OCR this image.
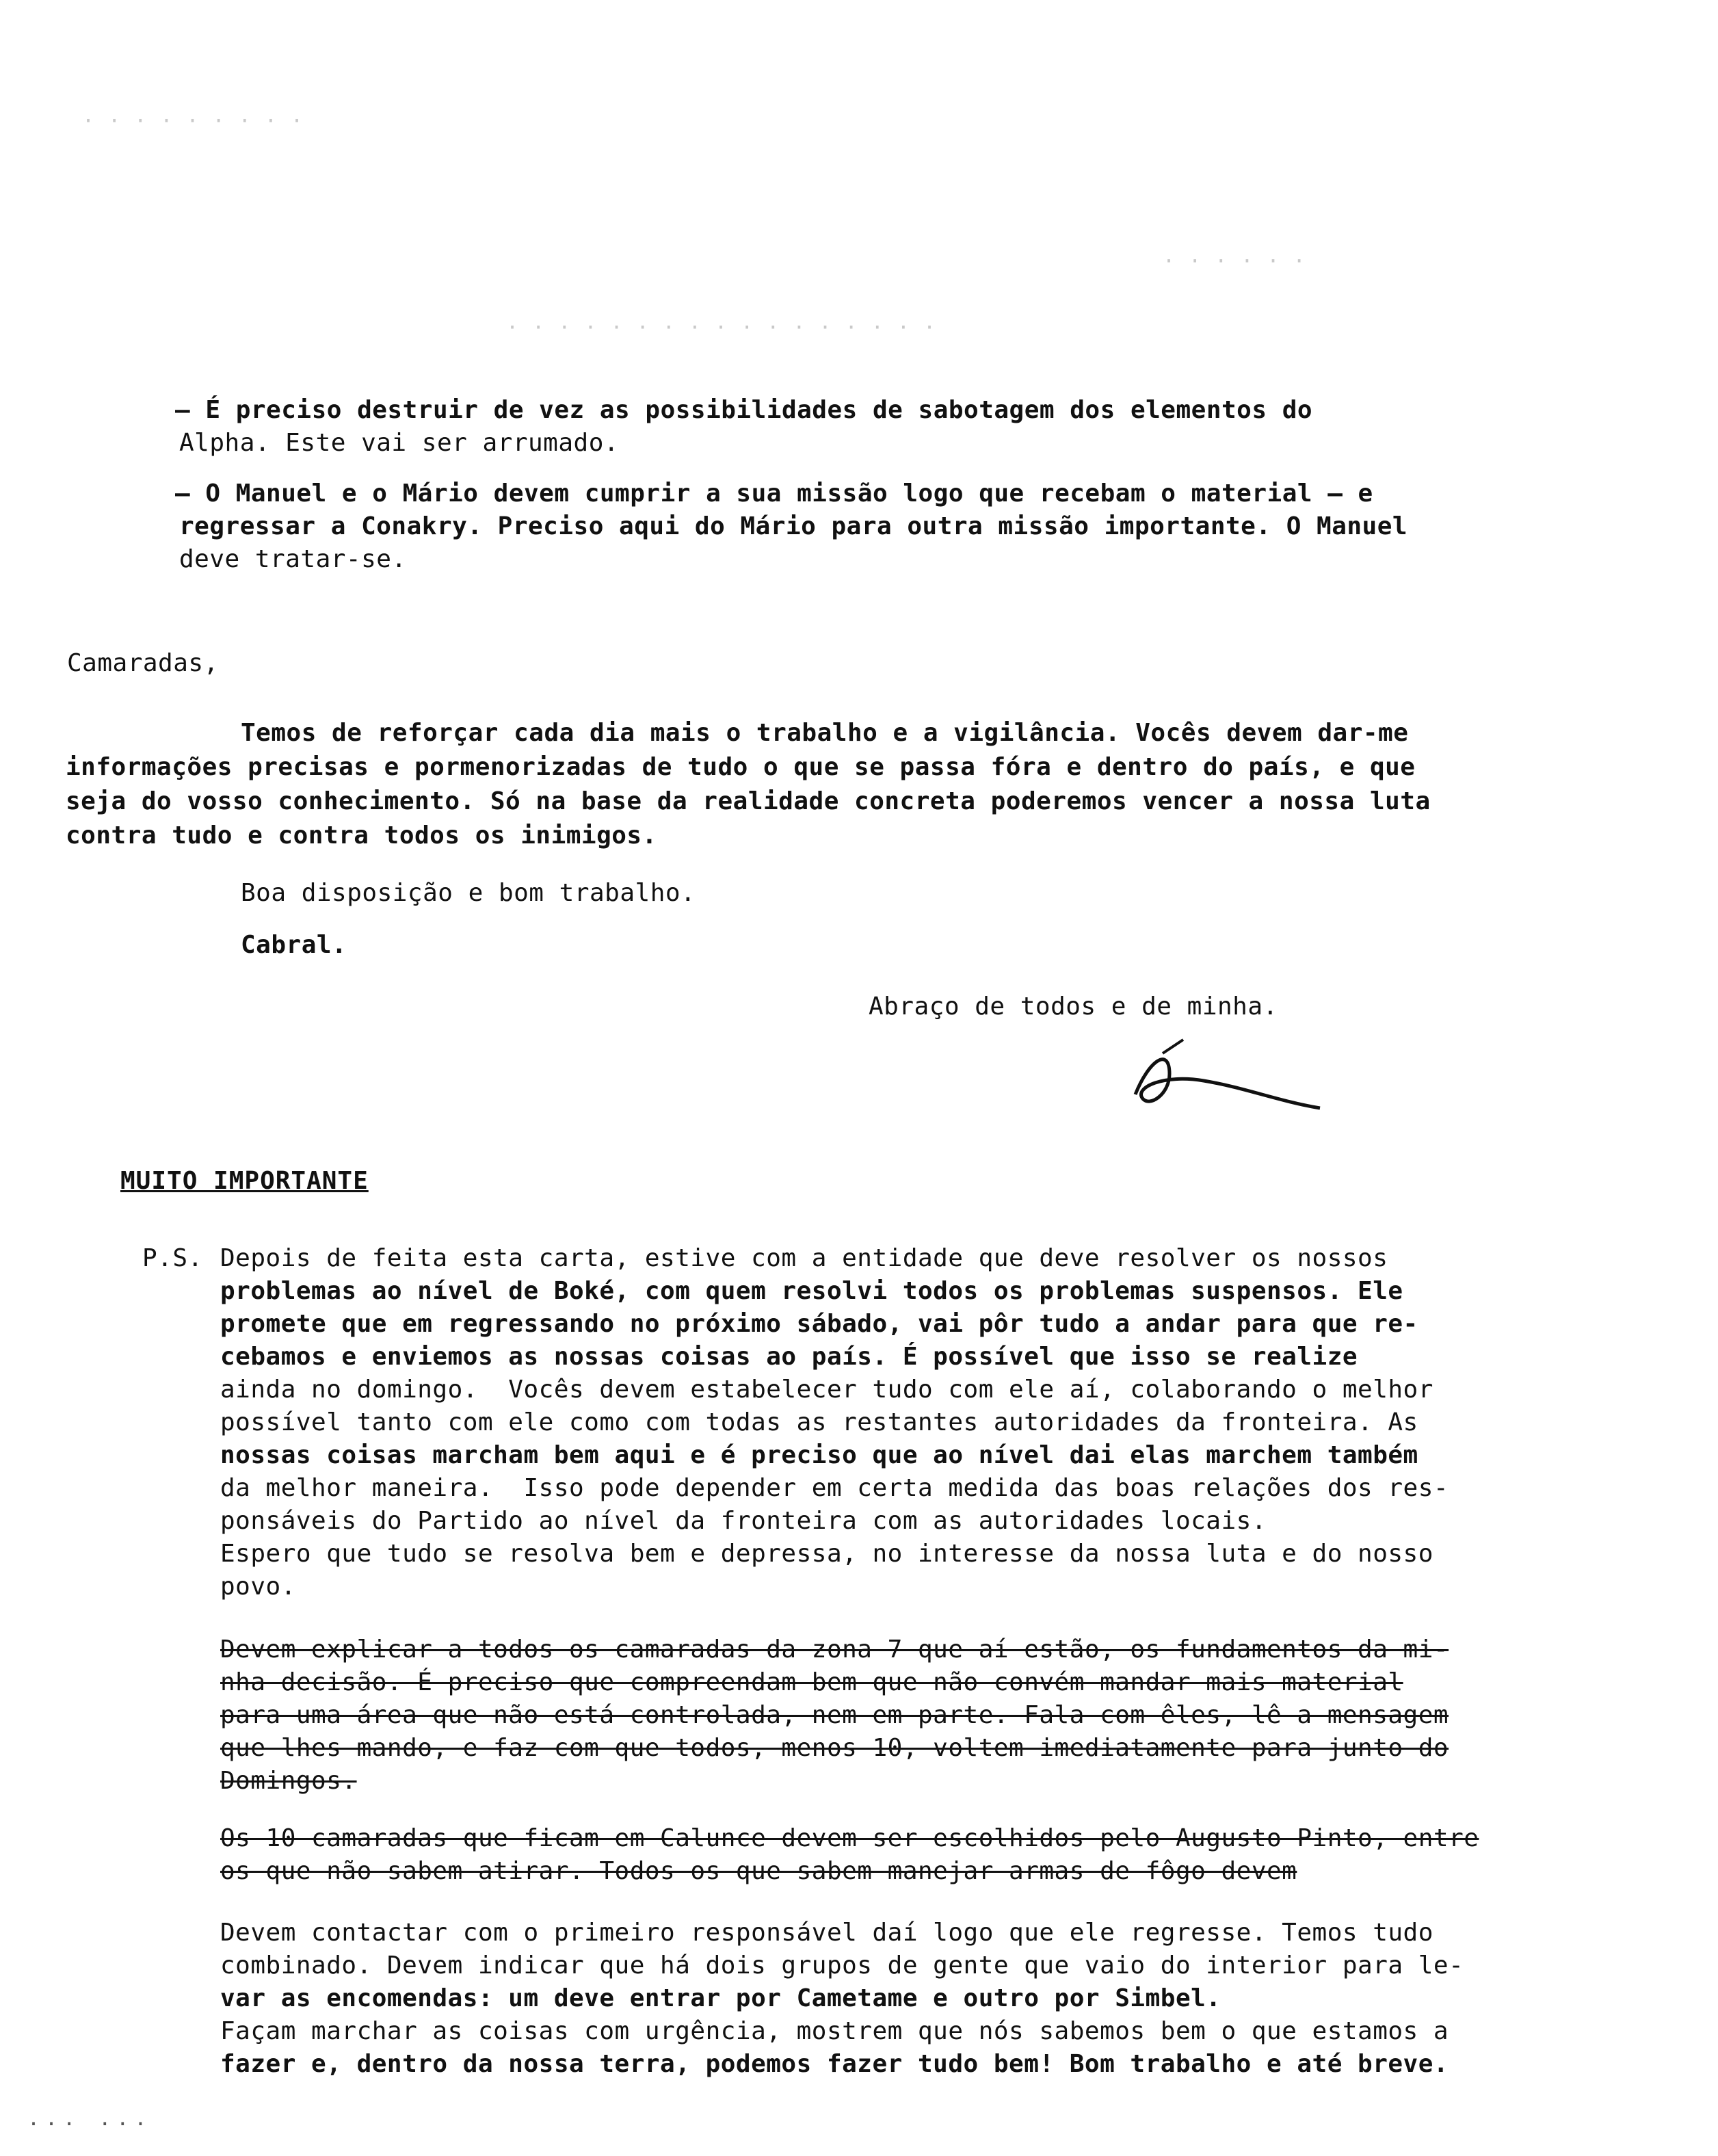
· · · · · · · · ·
· · · · · ·
· · · · · · · · · · · · · · · · ·
– É preciso destruir de vez as possibilidades de sabotagem dos elementos do
Alpha. Este vai ser arrumado.
– O Manuel e o Mário devem cumprir a sua missão logo que recebam o material – e
regressar a Conakry. Preciso aqui do Mário para outra missão importante. O Manuel
deve tratar-se.
Camaradas,
Temos de reforçar cada dia mais o trabalho e a vigilância. Vocês devem dar-me
informações precisas e pormenorizadas de tudo o que se passa fóra e dentro do país, e que
seja do vosso conhecimento. Só na base da realidade concreta poderemos vencer a nossa luta
contra tudo e contra todos os inimigos.
Boa disposição e bom trabalho.
Cabral.
Abraço de todos e de minha.
MUITO IMPORTANTE
P.S. Depois de feita esta carta, estive com a entidade que deve resolver os nossos
problemas ao nível de Boké, com quem resolvi todos os problemas suspensos. Ele
promete que em regressando no próximo sábado, vai pôr tudo a andar para que re-
cebamos e enviemos as nossas coisas ao país. É possível que isso se realize
ainda no domingo.  Vocês devem estabelecer tudo com ele aí, colaborando o melhor
possível tanto com ele como com todas as restantes autoridades da fronteira. As
nossas coisas marcham bem aqui e é preciso que ao nível dai elas marchem também
da melhor maneira.  Isso pode depender em certa medida das boas relações dos res-
ponsáveis do Partido ao nível da fronteira com as autoridades locais.
Espero que tudo se resolva bem e depressa, no interesse da nossa luta e do nosso
povo.
Devem explicar a todos os camaradas da zona 7 que aí estão, os fundamentos da mi-
nha decisão. É preciso que compreendam bem que não convém mandar mais material
para uma área que não está controlada, nem em parte. Fala com êles, lê a mensagem
que lhes mando, e faz com que todos, menos 10, voltem imediatamente para junto do
Domingos.
Os 10 camaradas que ficam em Calunce devem ser escolhidos pelo Augusto Pinto, entre
os que não sabem atirar. Todos os que sabem manejar armas de fôgo devem
Devem contactar com o primeiro responsável daí logo que ele regresse. Temos tudo
combinado. Devem indicar que há dois grupos de gente que vaio do interior para le-
var as encomendas: um deve entrar por Cametame e outro por Simbel.
Façam marchar as coisas com urgência, mostrem que nós sabemos bem o que estamos a
fazer e, dentro da nossa terra, podemos fazer tudo bem! Bom trabalho e até breve.
... ...
